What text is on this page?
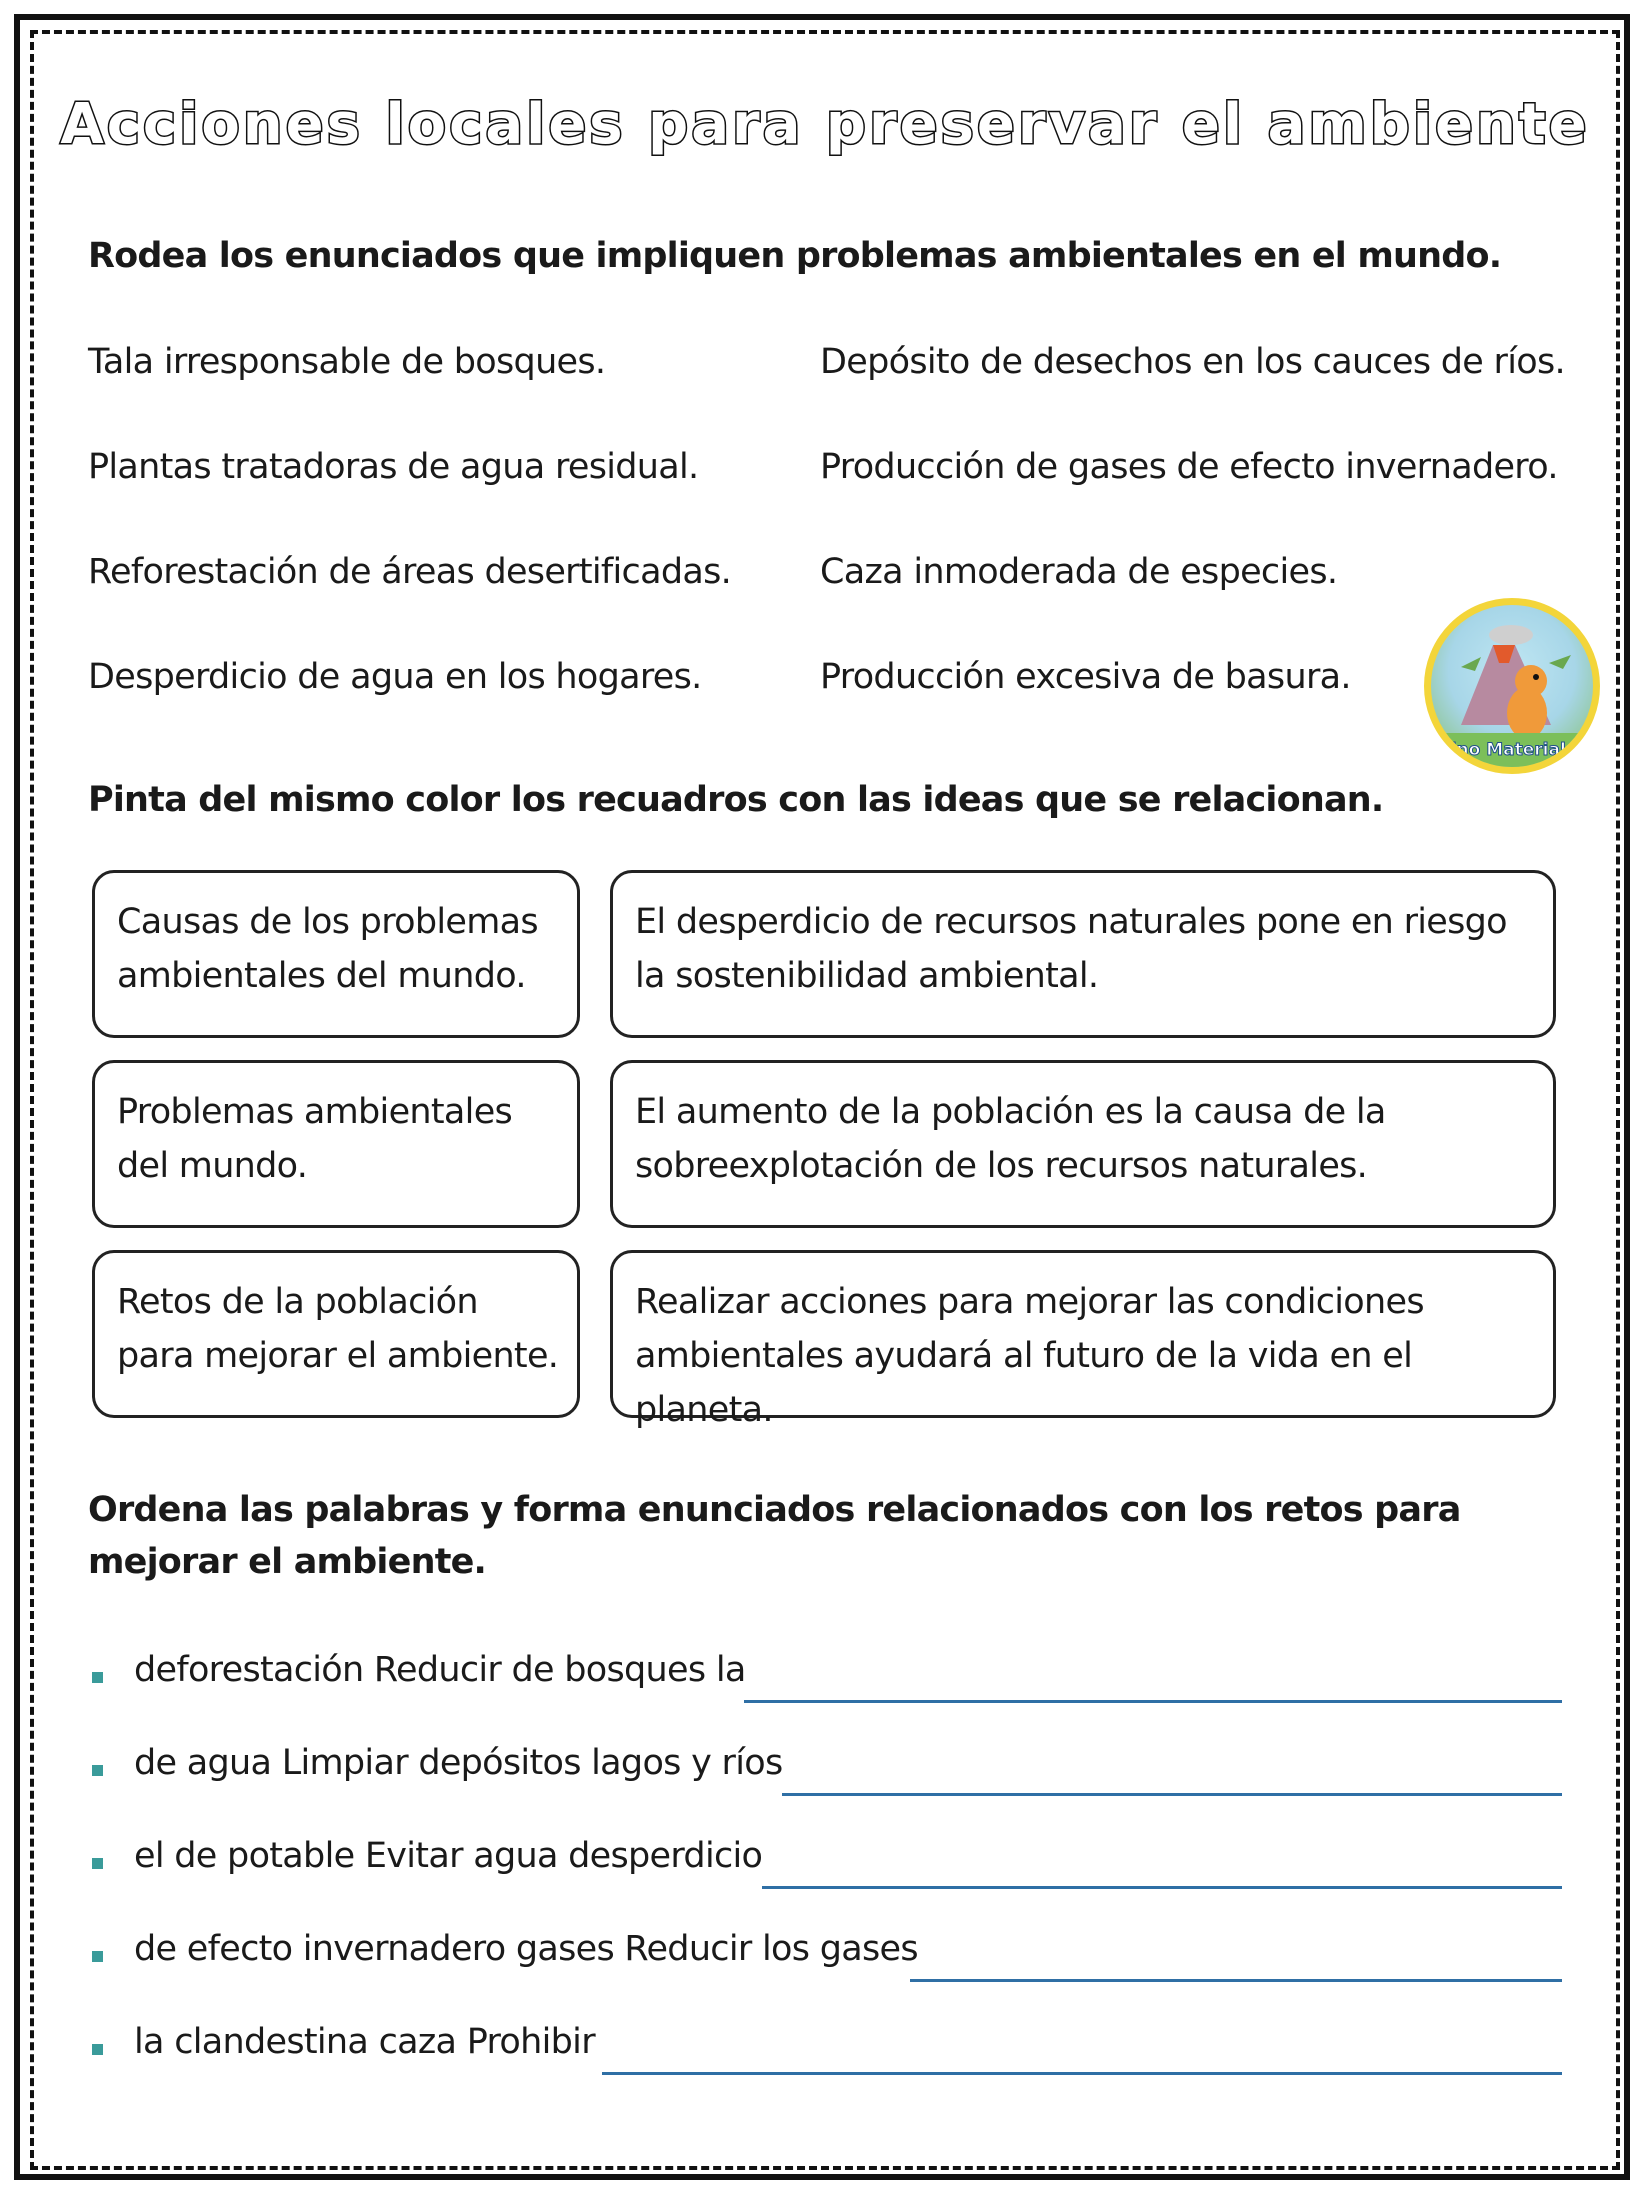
Acciones locales para preservar el ambiente
Rodea los enunciados que impliquen problemas ambientales en el mundo.
Tala irresponsable de bosques.
Plantas tratadoras de agua residual.
Reforestación de áreas desertificadas.
Desperdicio de agua en los hogares.
Depósito de desechos en los cauces de ríos.
Producción de gases de efecto invernadero.
Caza inmoderada de especies.
Producción excesiva de basura.
Dino Materiales
Pinta del mismo color los recuadros con las ideas que se relacionan.
Causas de los problemas
ambientales del mundo.
Problemas ambientales
del mundo.
Retos de la población
para mejorar el ambiente.
El desperdicio de recursos naturales pone en riesgo
la sostenibilidad ambiental.
El aumento de la población es la causa de la
sobreexplotación de los recursos naturales.
Realizar acciones para mejorar las condiciones
ambientales ayudará al futuro de la vida en el planeta.
Ordena las palabras y forma enunciados relacionados con los retos para mejorar el ambiente.
deforestación Reducir de bosques la
de agua Limpiar depósitos lagos y ríos
el de potable Evitar agua desperdicio
de efecto invernadero gases Reducir los gases
la clandestina caza Prohibir
